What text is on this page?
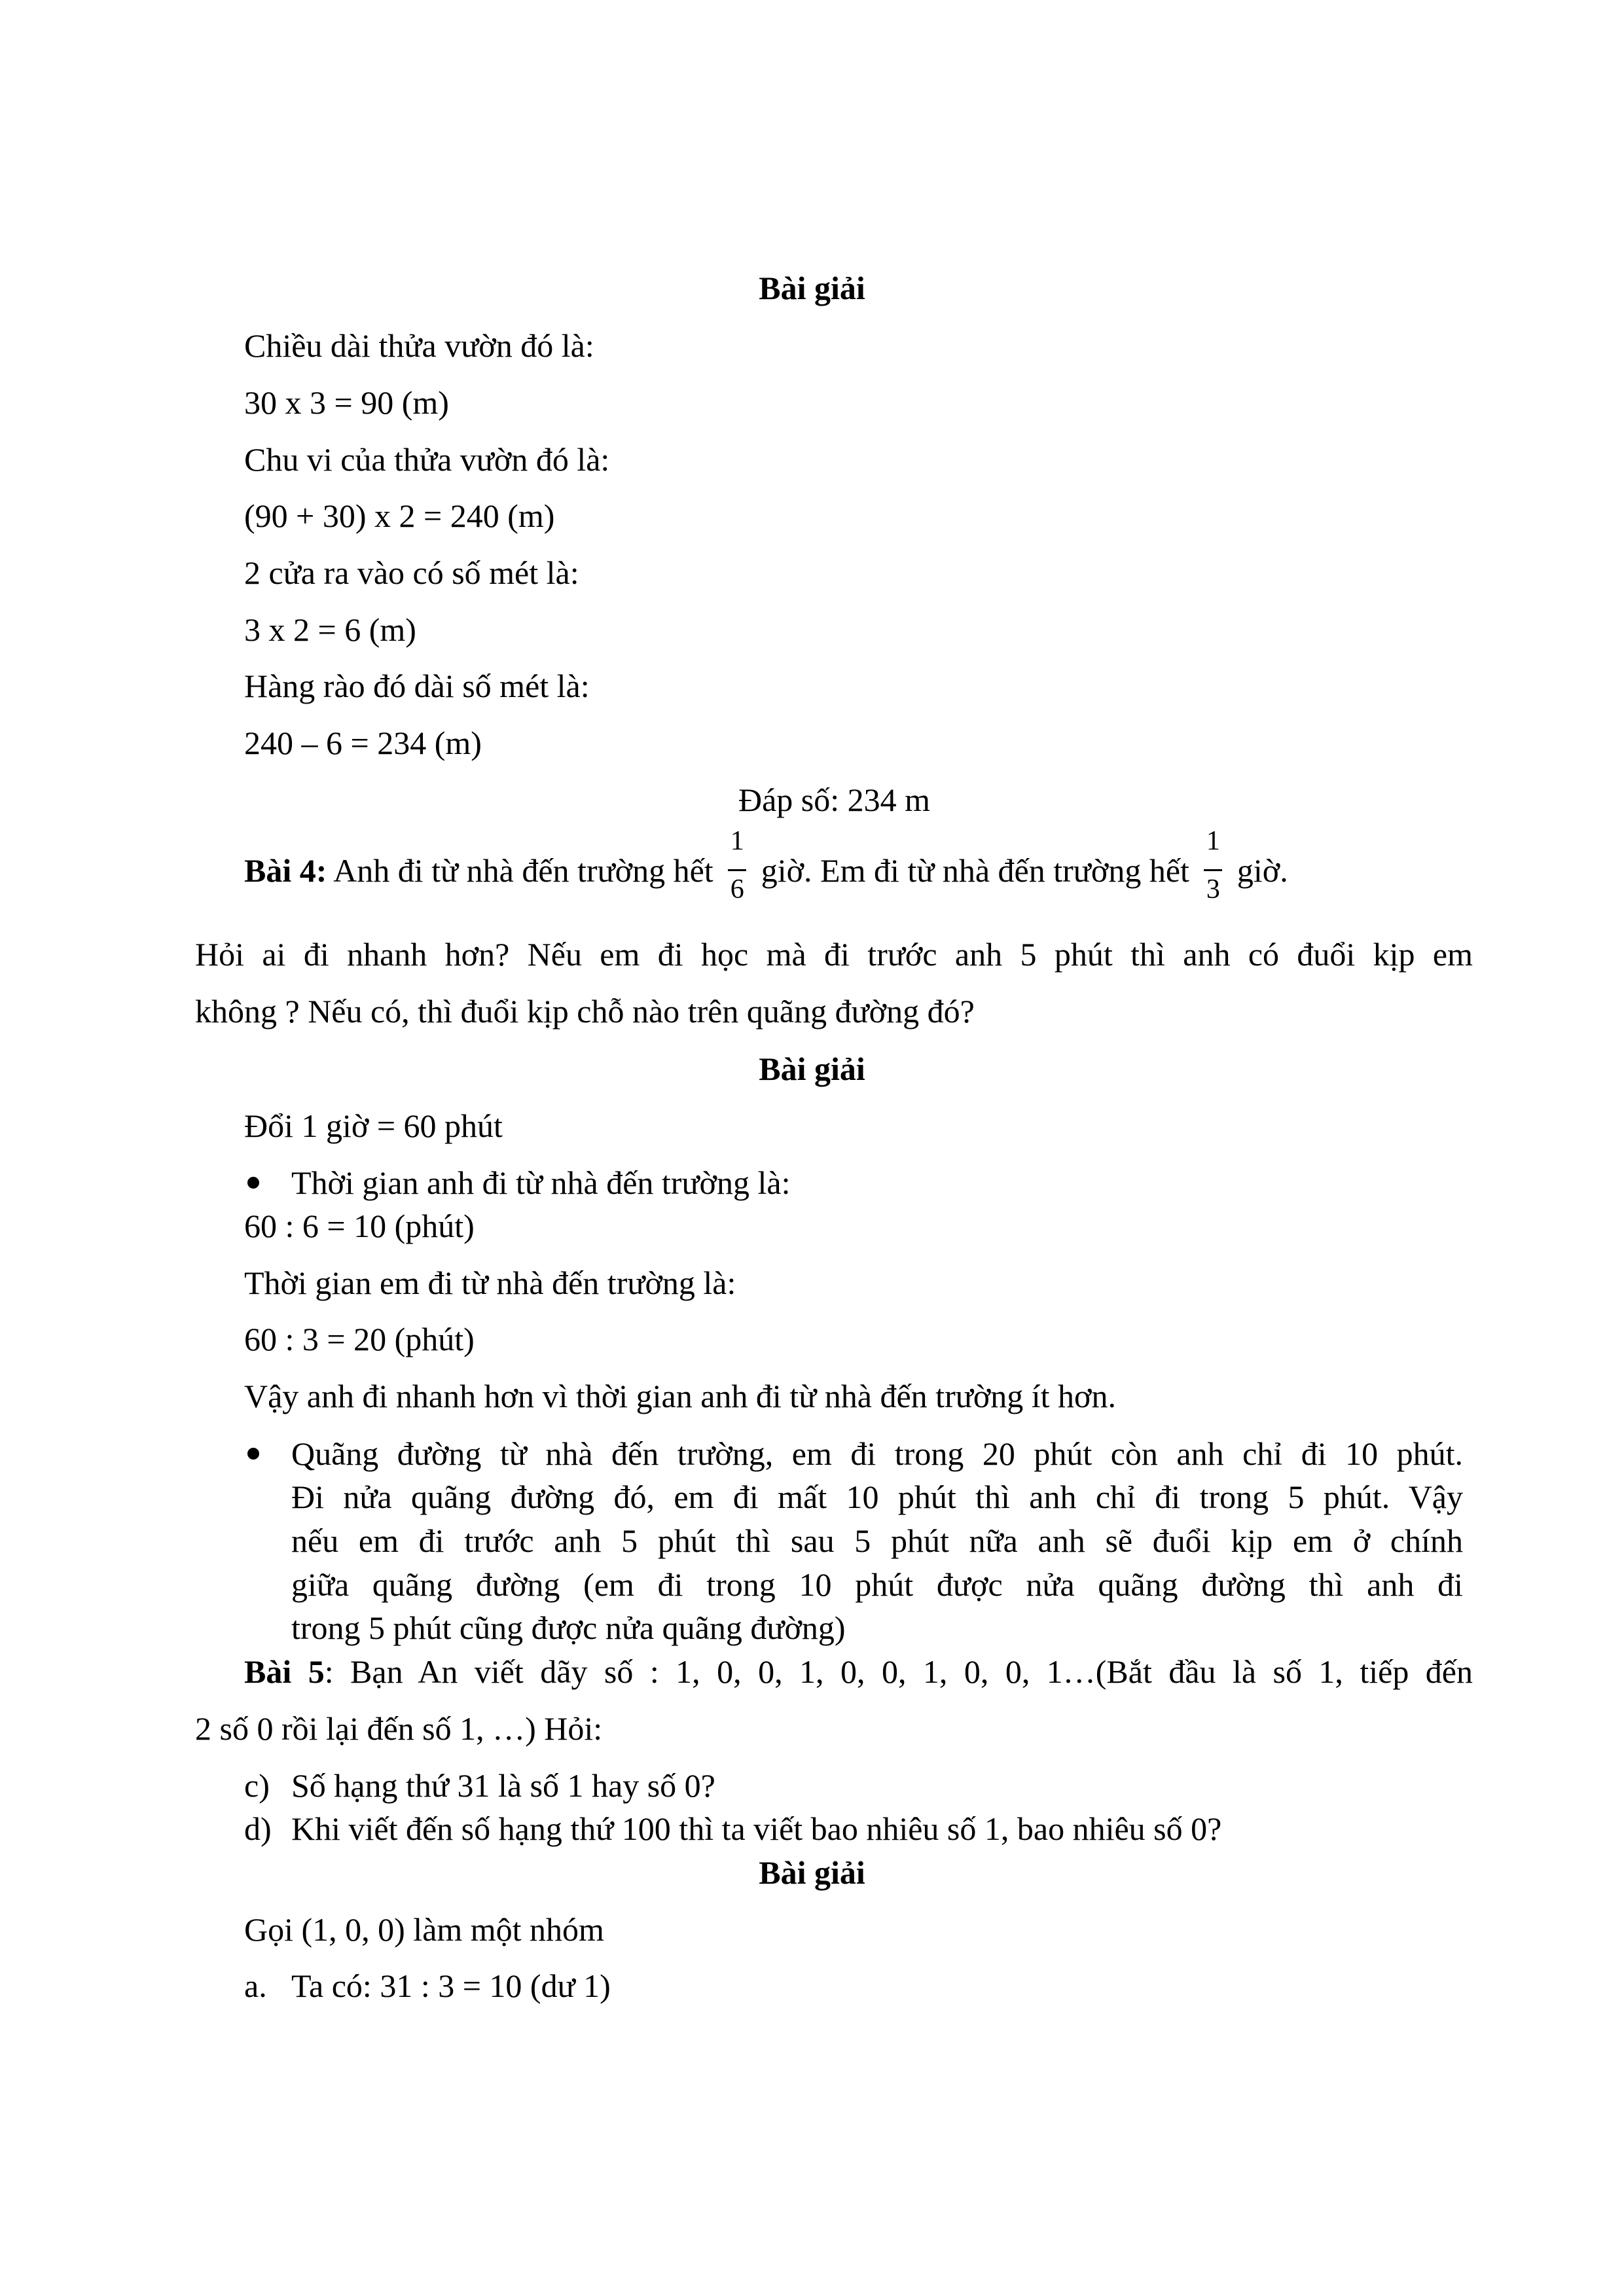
Bài giải
Chiều dài thửa vườn đó là:
30 x 3 = 90 (m)
Chu vi của thửa vườn đó là:
(90 + 30) x 2 = 240 (m)
2 cửa ra vào có số mét là:
3 x 2 = 6 (m)
Hàng rào đó dài số mét là:
240 – 6 = 234 (m)
Đáp số: 234 m
Bài 4: Anh đi từ nhà đến trường hết $\frac{1}{6}$ giờ. Em đi từ nhà đến trường hết $\frac{1}{3}$ giờ.
Hỏi ai đi nhanh hơn? Nếu em đi học mà đi trước anh 5 phút thì anh có đuổi kịp em
không ? Nếu có, thì đuổi kịp chỗ nào trên quãng đường đó?
Bài giải
Đổi 1 giờ = 60 phút
Thời gian anh đi từ nhà đến trường là:
60 : 6 = 10 (phút)
Thời gian em đi từ nhà đến trường là:
60 : 3 = 20 (phút)
Vậy anh đi nhanh hơn vì thời gian anh đi từ nhà đến trường ít hơn.
Quãng đường từ nhà đến trường, em đi trong 20 phút còn anh chỉ đi 10 phút.
Đi nửa quãng đường đó, em đi mất 10 phút thì anh chỉ đi trong 5 phút. Vậy
nếu em đi trước anh 5 phút thì sau 5 phút nữa anh sẽ đuổi kịp em ở chính
giữa quãng đường (em đi trong 10 phút được nửa quãng đường thì anh đi
trong 5 phút cũng được nửa quãng đường)
Bài 5: Bạn An viết dãy số : 1, 0, 0, 1, 0, 0, 1, 0, 0, 1…(Bắt đầu là số 1, tiếp đến
2 số 0 rồi lại đến số 1, …) Hỏi:
c) Số hạng thứ 31 là số 1 hay số 0?
d) Khi viết đến số hạng thứ 100 thì ta viết bao nhiêu số 1, bao nhiêu số 0?
Bài giải
Gọi (1, 0, 0) làm một nhóm
a. Ta có: 31 : 3 = 10 (dư 1)
